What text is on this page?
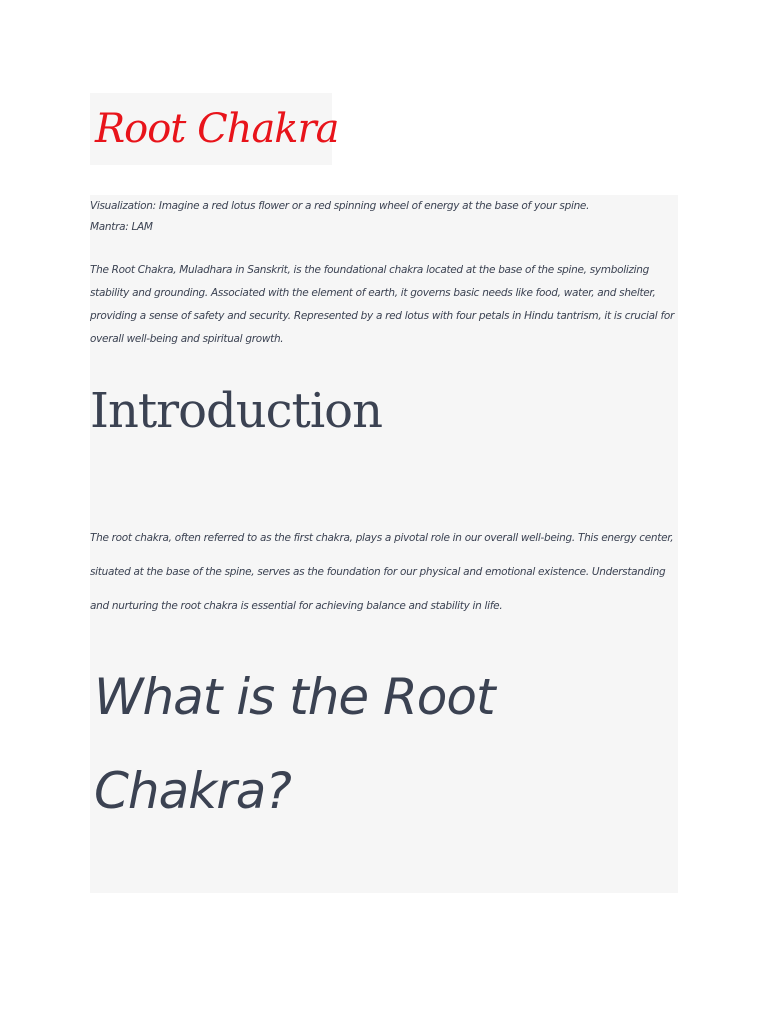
Root Chakra

Visualization: Imagine a red lotus flower or a red spinning wheel of energy at the base of your spine.

Mantra: LAM

The Root Chakra, Muladhara in Sanskrit, is the foundational chakra located at the base of the spine, symbolizing stability and grounding. Associated with the element of earth, it governs basic needs like food, water, and shelter, providing a sense of safety and security. Represented by a red lotus with four petals in Hindu tantrism, it is crucial for overall well-being and spiritual growth.

Introduction

The root chakra, often referred to as the first chakra, plays a pivotal role in our overall well-being. This energy center, situated at the base of the spine, serves as the foundation for our physical and emotional existence. Understanding and nurturing the root chakra is essential for achieving balance and stability in life.

What is the Root Chakra?
